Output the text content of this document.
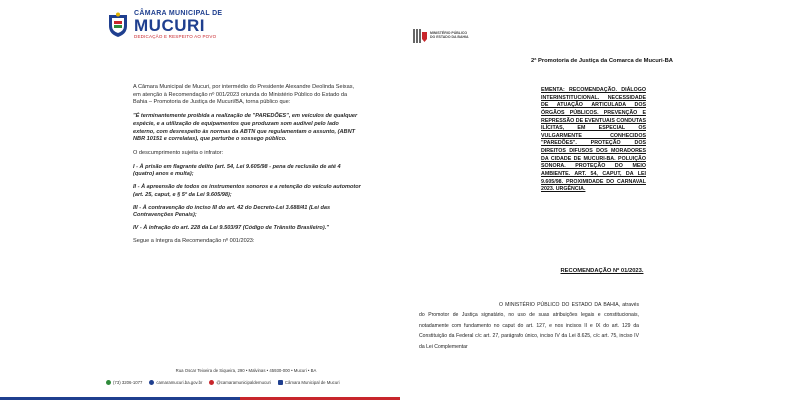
CÂMARA MUNICIPAL DE
MUCURI
DEDICAÇÃO E RESPEITO AO POVO

A Câmara Municipal de Mucuri, por intermédio do Presidente Alexandre Deolinda Seixas, em atenção à Recomendação nº 001/2023 oriunda do Ministério Público do Estado da Bahia – Promotoria de Justiça de Mucuri/BA, torna público que:

"É terminantemente proibida a realização de "PAREDÕES", em veículos de qualquer espécie, e a utilização de equipamentos que produzam som audível pelo lado externo, com desrespeito às normas da ABTN que regulamentam o assunto, (ABNT NBR 10151 e correlatas), que perturbe o sossego público.

O descumprimento sujeita o infrator:

I - À prisão em flagrante delito (art. 54, Lei 9.605/98 - pena de reclusão de até 4 (quatro) anos e multa);

II - À apreensão de todos os instrumentos sonoros e a retenção do veículo automotor (art. 25, caput, e § 5º da Lei 9.605/98);

III - À contravenção do inciso III do art. 42 do Decreto-Lei 3.688/41 (Lei das Contravenções Penais);

IV - À infração do art. 228 da Lei 9.503/97 (Código de Trânsito Brasileiro)."

Segue a íntegra da Recomendação nº 001/2023:

Rua Oscar Teixeira de Siqueira, 290 • Malvinas • 45930-000 • Mucuri • BA
(73) 3206-1077	camaramucuri.ba.gov.br	@camaramunicipaldemucuri	Câmara Municipal de Mucuri
MINISTÉRIO PÚBLICO
DO ESTADO DA BAHIA
2ª Promotoria de Justiça da Comarca de Mucuri-BA
EMENTA: RECOMENDAÇÃO. DIÁLOGO INTERINSTITUCIONAL. NECESSIDADE DE ATUAÇÃO ARTICULADA DOS ÓRGÃOS PÚBLICOS. PREVENÇÃO E REPRESSÃO DE EVENTUAIS CONDUTAS ILÍCITAS, EM ESPECIAL OS VULGARMENTE CONHECIDOS "PAREDÕES". PROTEÇÃO DOS DIREITOS DIFUSOS DOS MORADORES DA CIDADE DE MUCURI-BA. POLUIÇÃO SONORA. PROTEÇÃO DO MEIO AMBIENTE. ART. 54, CAPUT, DA LEI 9.605/98. PROXIMIDADE DO CARNAVAL 2023. URGÊNCIA.
RECOMENDAÇÃO Nº 01/2023.
O MINISTÉRIO PÚBLICO DO ESTADO DA BAHIA, através do Promotor de Justiça signatário, no uso de suas atribuições legais e constitucionais, notadamente com fundamento no caput do art. 127, e nos incisos II e IX do art. 129 da Constituição da Federal c/c art. 27, parágrafo único, inciso IV da Lei 8.625, c/c art. 75, inciso IV da Lei Complementar
